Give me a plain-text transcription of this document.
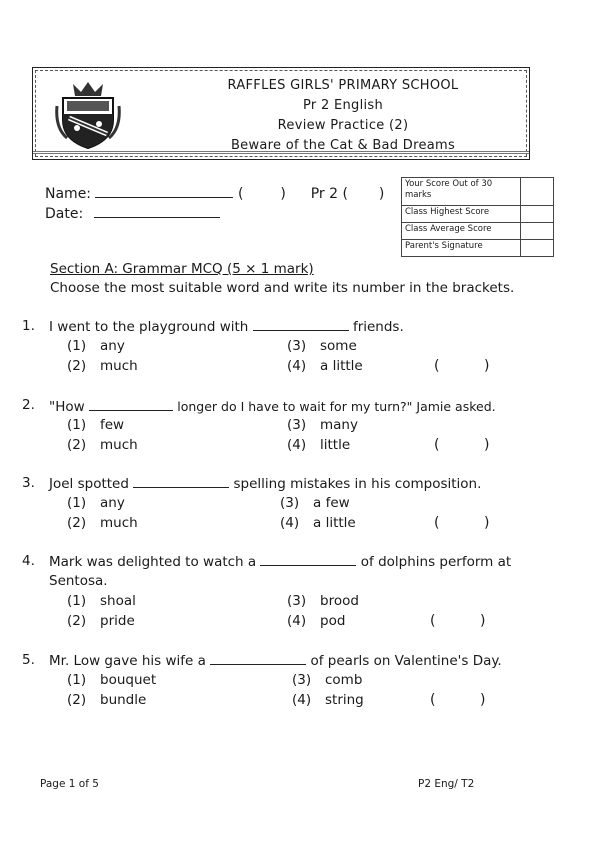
RAFFLES GIRLS' PRIMARY SCHOOL
Pr 2 English
Review Practice (2)
Beware of the Cat & Bad Dreams
Name:	(	) Pr 2 ( )
Date:
Your Score Out of 30 marks	
Class Highest Score	
Class Average Score	
Parent's Signature	
Section A: Grammar MCQ (5 × 1 mark)
Choose the most suitable word and write its number in the brackets.
1. I went to the playground with	friends.
(1) any
(2) much
(3) some
(4) a little	(          )
2. "How	longer do I have to wait for my turn?" Jamie asked.
(1) few
(2) much
(3) many
(4) little	(          )
3. Joel spotted	spelling mistakes in his composition.
(1) any
(2) much
(3) a few
(4) a little	(          )
4. Mark was delighted to watch a	of dolphins perform at Sentosa.
(1) shoal
(2) pride
(3) brood
(4) pod	(          )
5. Mr. Low gave his wife a	of pearls on Valentine's Day.
(1) bouquet
(2) bundle
(3) comb
(4) string	(          )
Page 1 of 5	P2 Eng/ T2
